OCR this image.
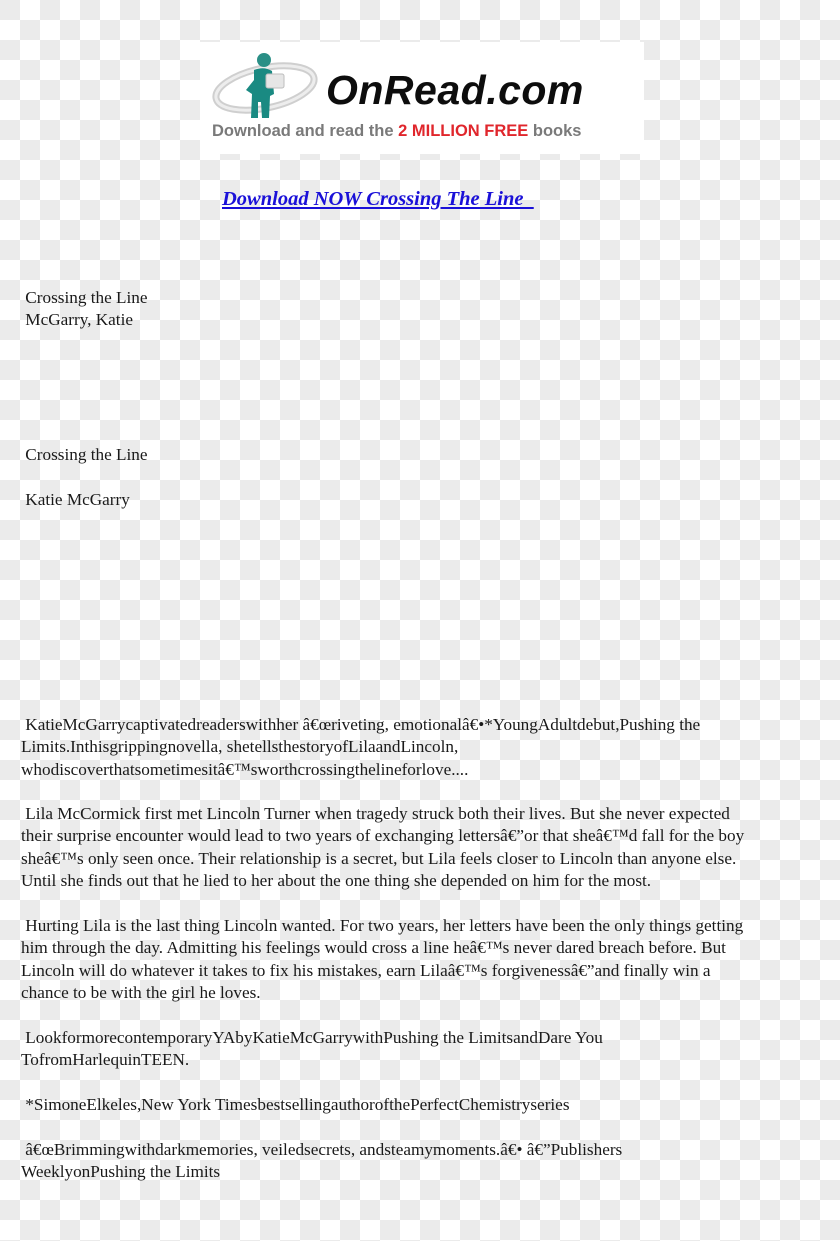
OnRead.com
Download and read the 2 MILLION FREE books
Download NOW Crossing The Line
Crossing the Line
McGarry, Katie
Crossing the Line
Katie McGarry
KatieMcGarrycaptivatedreaderswithher â€œriveting, emotionalâ€•*YoungAdultdebut,Pushing the
Limits.Inthisgrippingnovella, shetellsthestoryofLilaandLincoln,
whodiscoverthatsometimesitâ€™sworthcrossingthelineforlove....
Lila McCormick first met Lincoln Turner when tragedy struck both their lives. But she never expected
their surprise encounter would lead to two years of exchanging lettersâ€”or that sheâ€™d fall for the boy
sheâ€™s only seen once. Their relationship is a secret, but Lila feels closer to Lincoln than anyone else.
Until she finds out that he lied to her about the one thing she depended on him for the most.
Hurting Lila is the last thing Lincoln wanted. For two years, her letters have been the only things getting
him through the day. Admitting his feelings would cross a line heâ€™s never dared breach before. But
Lincoln will do whatever it takes to fix his mistakes, earn Lilaâ€™s forgivenessâ€”and finally win a
chance to be with the girl he loves.
LookformorecontemporaryYAbyKatieMcGarrywithPushing the LimitsandDare You
TofromHarlequinTEEN.
*SimoneElkeles,New York TimesbestsellingauthorofthePerfectChemistryseries
â€œBrimmingwithdarkmemories, veiledsecrets, andsteamymoments.â€• â€”Publishers
WeeklyonPushing the Limits
